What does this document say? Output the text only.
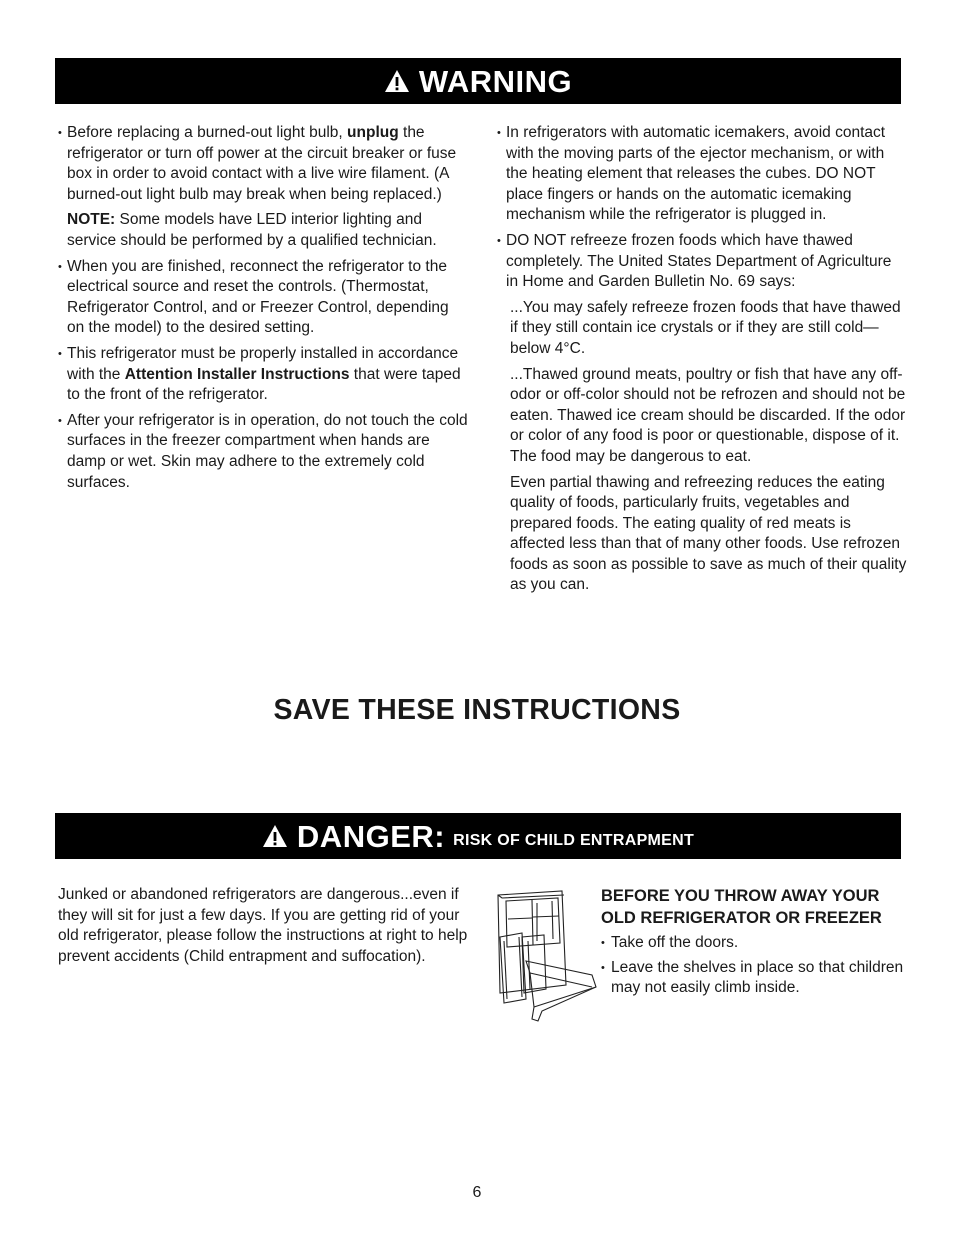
WARNING

• Before replacing a burned-out light bulb, unplug the refrigerator or turn off power at the circuit breaker or fuse box in order to avoid contact with a live wire filament. (A burned-out light bulb may break when being replaced.)

NOTE: Some models have LED interior lighting and service should be performed by a qualified technician.

• When you are finished, reconnect the refrigerator to the electrical source and reset the controls. (Thermostat, Refrigerator Control, and or Freezer Control, depending on the model) to the desired setting.

• This refrigerator must be properly installed in accordance with the Attention Installer Instructions that were taped to the front of the refrigerator.

• After your refrigerator is in operation, do not touch the cold surfaces in the freezer compartment when hands are damp or wet. Skin may adhere to the extremely cold surfaces.

• In refrigerators with automatic icemakers, avoid contact with the moving parts of the ejector mechanism, or with the heating element that releases the cubes. DO NOT place fingers or hands on the automatic icemaking mechanism while the refrigerator is plugged in.

• DO NOT refreeze frozen foods which have thawed completely. The United States Department of Agriculture in Home and Garden Bulletin No. 69 says:

...You may safely refreeze frozen foods that have thawed if they still contain ice crystals or if they are still cold—below 4°C.

...Thawed ground meats, poultry or fish that have any off-odor or off-color should not be refrozen and should not be eaten. Thawed ice cream should be discarded. If the odor or color of any food is poor or questionable, dispose of it. The food may be dangerous to eat.

Even partial thawing and refreezing reduces the eating quality of foods, particularly fruits, vegetables and prepared foods. The eating quality of red meats is affected less than that of many other foods. Use refrozen foods as soon as possible to save as much of their quality as you can.

SAVE THESE INSTRUCTIONS
DANGER: RISK OF CHILD ENTRAPMENT
Junked or abandoned refrigerators are dangerous...even if they will sit for just a few days. If you are getting rid of your old refrigerator, please follow the instructions at right to help prevent accidents (Child entrapment and suffocation).
BEFORE YOU THROW AWAY YOUR OLD REFRIGERATOR OR FREEZER
• Take off the doors.
• Leave the shelves in place so that children may not easily climb inside.
6
